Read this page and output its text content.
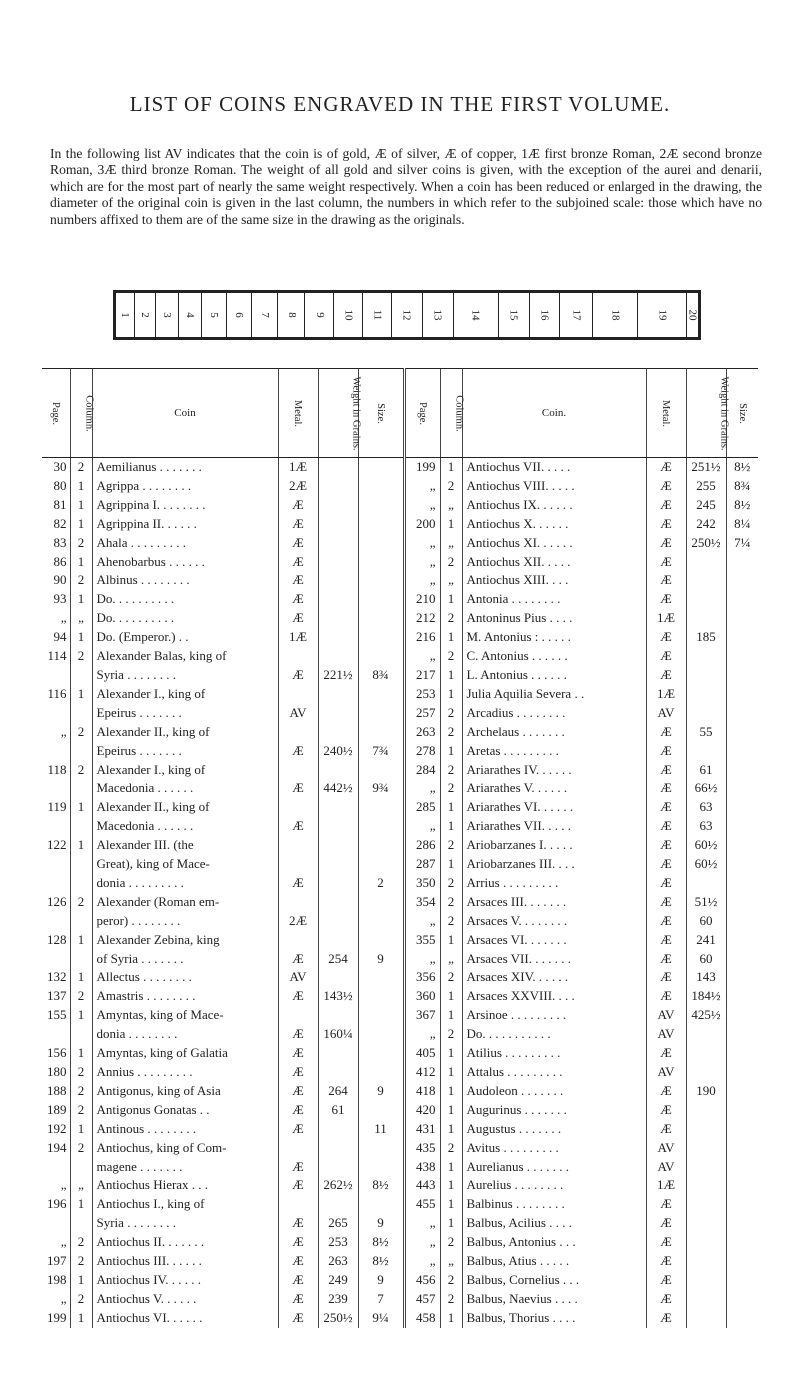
LIST OF COINS ENGRAVED IN THE FIRST VOLUME.

In the following list AV indicates that the coin is of gold, Æ of silver, Æ of copper, 1Æ first bronze Roman, 2Æ second bronze Roman, 3Æ third bronze Roman. The weight of all gold and silver coins is given, with the exception of the aurei and denarii, which are for the most part of nearly the same weight respectively. When a coin has been reduced or enlarged in the drawing, the diameter of the original coin is given in the last column, the numbers in which refer to the subjoined scale: those which have no numbers affixed to them are of the same size in the drawing as the originals.

1 2 3 4 5 6 7 8 9 10 11 12 13 14 15 16 17 18	19 20
Page.	Column.	Coin	Metal.	Weight in Grains.	Size.	Page.	Column.	Coin.	Metal.	Weight in Grains.	Size.
30	2	Aemilianus . . . . . . .	1Æ			199	1	Antiochus VII. . . . .	Æ	251½	8½
80	1	Agrippa . . . . . . . .	2Æ			„	2	Antiochus VIII. . . . .	Æ	255	8¾
81	1	Agrippina I. . . . . . . .	Æ			„	„	Antiochus IX. . . . . .	Æ	245	8½
82	1	Agrippina II. . . . . .	Æ			200	1	Antiochus X. . . . . .	Æ	242	8¼
83	2	Ahala . . . . . . . . .	Æ			„	„	Antiochus XI. . . . . .	Æ	250½	7¼
86	1	Ahenobarbus . . . . . .	Æ			„	2	Antiochus XII. . . . .	Æ		
90	2	Albinus . . . . . . . .	Æ			„	„	Antiochus XIII. . . .	Æ		
93	1	Do. . . . . . . . . .	Æ			210	1	Antonia . . . . . . . .	Æ		
„	„	Do. . . . . . . . . .	Æ			212	2	Antoninus Pius . . . .	1Æ		
94	1	Do. (Emperor.) . .	1Æ			216	1	M. Antonius : . . . . .	Æ	185	
114	2	Alexander Balas, king of				„	2	C. Antonius . . . . . .	Æ		
		Syria . . . . . . . .	Æ	221½	8¾	217	1	L. Antonius . . . . . .	Æ		
116	1	Alexander I., king of				253	1	Julia Aquilia Severa . .	1Æ		
		Epeirus . . . . . . .	AV			257	2	Arcadius . . . . . . . .	AV		
„	2	Alexander II., king of				263	2	Archelaus . . . . . . .	Æ	55	
		Epeirus . . . . . . .	Æ	240½	7¾	278	1	Aretas . . . . . . . . .	Æ		
118	2	Alexander I., king of				284	2	Ariarathes IV. . . . . .	Æ	61	
		Macedonia . . . . . .	Æ	442½	9¾	„	2	Ariarathes V. . . . . .	Æ	66½	
119	1	Alexander II., king of				285	1	Ariarathes VI. . . . . .	Æ	63	
		Macedonia . . . . . .	Æ			„	1	Ariarathes VII. . . . .	Æ	63	
122	1	Alexander III. (the				286	2	Ariobarzanes I. . . . .	Æ	60½	
		Great), king of Mace-				287	1	Ariobarzanes III. . . .	Æ	60½	
		donia . . . . . . . . .	Æ		2	350	2	Arrius . . . . . . . . .	Æ		
126	2	Alexander (Roman em-				354	2	Arsaces III. . . . . . .	Æ	51½	
		peror) . . . . . . . .	2Æ			„	2	Arsaces V. . . . . . . .	Æ	60	
128	1	Alexander Zebina, king				355	1	Arsaces VI. . . . . . .	Æ	241	
		of Syria . . . . . . .	Æ	254	9	„	„	Arsaces VII. . . . . . .	Æ	60	
132	1	Allectus . . . . . . . .	AV			356	2	Arsaces XIV. . . . . .	Æ	143	
137	2	Amastris . . . . . . . .	Æ	143½		360	1	Arsaces XXVIII. . . .	Æ	184½	
155	1	Amyntas, king of Mace-				367	1	Arsinoe . . . . . . . . .	AV	425½	
		donia . . . . . . . .	Æ	160¼		„	2	Do. . . . . . . . . . .	AV		
156	1	Amyntas, king of Galatia	Æ			405	1	Atilius . . . . . . . . .	Æ		
180	2	Annius . . . . . . . . .	Æ			412	1	Attalus . . . . . . . . .	AV		
188	2	Antigonus, king of Asia	Æ	264	9	418	1	Audoleon . . . . . . .	Æ	190	
189	2	Antigonus Gonatas . .	Æ	61		420	1	Augurinus . . . . . . .	Æ		
192	1	Antinous . . . . . . . .	Æ		11	431	1	Augustus . . . . . . .	Æ		
194	2	Antiochus, king of Com-				435	2	Avitus . . . . . . . . .	AV		
		magene . . . . . . .	Æ			438	1	Aurelianus . . . . . . .	AV		
„	„	Antiochus Hierax . . .	Æ	262½	8½	443	1	Aurelius . . . . . . . .	1Æ		
196	1	Antiochus I., king of				455	1	Balbinus . . . . . . . .	Æ		
		Syria . . . . . . . .	Æ	265	9	„	1	Balbus, Acilius . . . .	Æ		
„	2	Antiochus II. . . . . . .	Æ	253	8½	„	2	Balbus, Antonius . . .	Æ		
197	2	Antiochus III. . . . . .	Æ	263	8½	„	„	Balbus, Atius . . . . .	Æ		
198	1	Antiochus IV. . . . . .	Æ	249	9	456	2	Balbus, Cornelius . . .	Æ		
„	2	Antiochus V. . . . . .	Æ	239	7	457	2	Balbus, Naevius . . . .	Æ		
199	1	Antiochus VI. . . . . .	Æ	250½	9¼	458	1	Balbus, Thorius . . . .	Æ		
